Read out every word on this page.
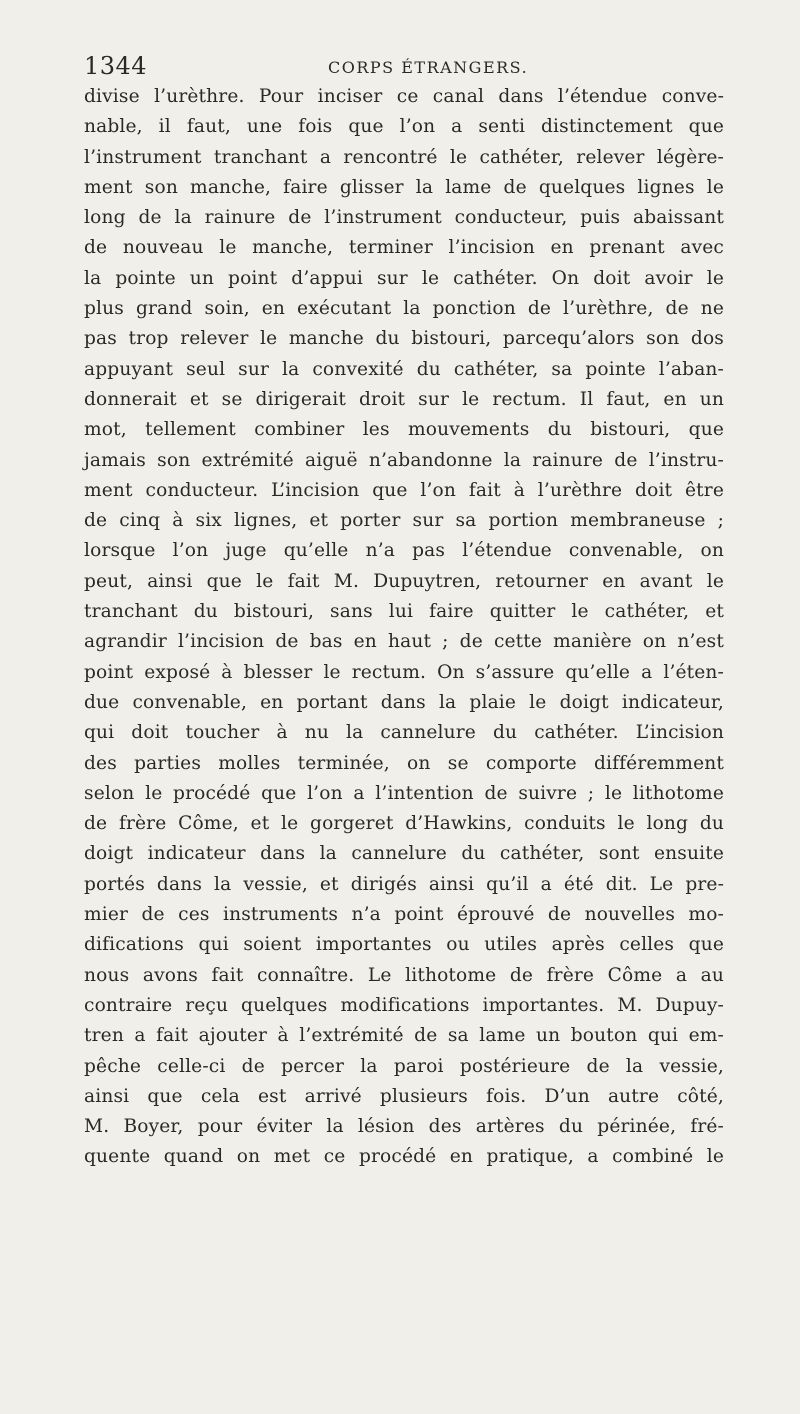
1344	CORPS ÉTRANGERS.
divise l’urèthre. Pour inciser ce canal dans l’étendue conve-
nable, il faut, une fois que l’on a senti distinctement que
l’instrument tranchant a rencontré le cathéter, relever légère-
ment son manche, faire glisser la lame de quelques lignes le
long de la rainure de l’instrument conducteur, puis abaissant
de nouveau le manche, terminer l’incision en prenant avec
la pointe un point d’appui sur le cathéter. On doit avoir le
plus grand soin, en exécutant la ponction de l’urèthre, de ne
pas trop relever le manche du bistouri, parcequ’alors son dos
appuyant seul sur la convexité du cathéter, sa pointe l’aban-
donnerait et se dirigerait droit sur le rectum. Il faut, en un
mot, tellement combiner les mouvements du bistouri, que
jamais son extrémité aiguë n’abandonne la rainure de l’instru-
ment conducteur. L’incision que l’on fait à l’urèthre doit être
de cinq à six lignes, et porter sur sa portion membraneuse ;
lorsque l’on juge qu’elle n’a pas l’étendue convenable, on
peut, ainsi que le fait M. Dupuytren, retourner en avant le
tranchant du bistouri, sans lui faire quitter le cathéter, et
agrandir l’incision de bas en haut ; de cette manière on n’est
point exposé à blesser le rectum. On s’assure qu’elle a l’éten-
due convenable, en portant dans la plaie le doigt indicateur,
qui doit toucher à nu la cannelure du cathéter. L’incision
des parties molles terminée, on se comporte différemment
selon le procédé que l’on a l’intention de suivre ; le lithotome
de frère Côme, et le gorgeret d’Hawkins, conduits le long du
doigt indicateur dans la cannelure du cathéter, sont ensuite
portés dans la vessie, et dirigés ainsi qu’il a été dit. Le pre-
mier de ces instruments n’a point éprouvé de nouvelles mo-
difications qui soient importantes ou utiles après celles que
nous avons fait connaître. Le lithotome de frère Côme a au
contraire reçu quelques modifications importantes. M. Dupuy-
tren a fait ajouter à l’extrémité de sa lame un bouton qui em-
pêche celle-ci de percer la paroi postérieure de la vessie,
ainsi que cela est arrivé plusieurs fois. D’un autre côté,
M. Boyer, pour éviter la lésion des artères du périnée, fré-
quente quand on met ce procédé en pratique, a combiné le
